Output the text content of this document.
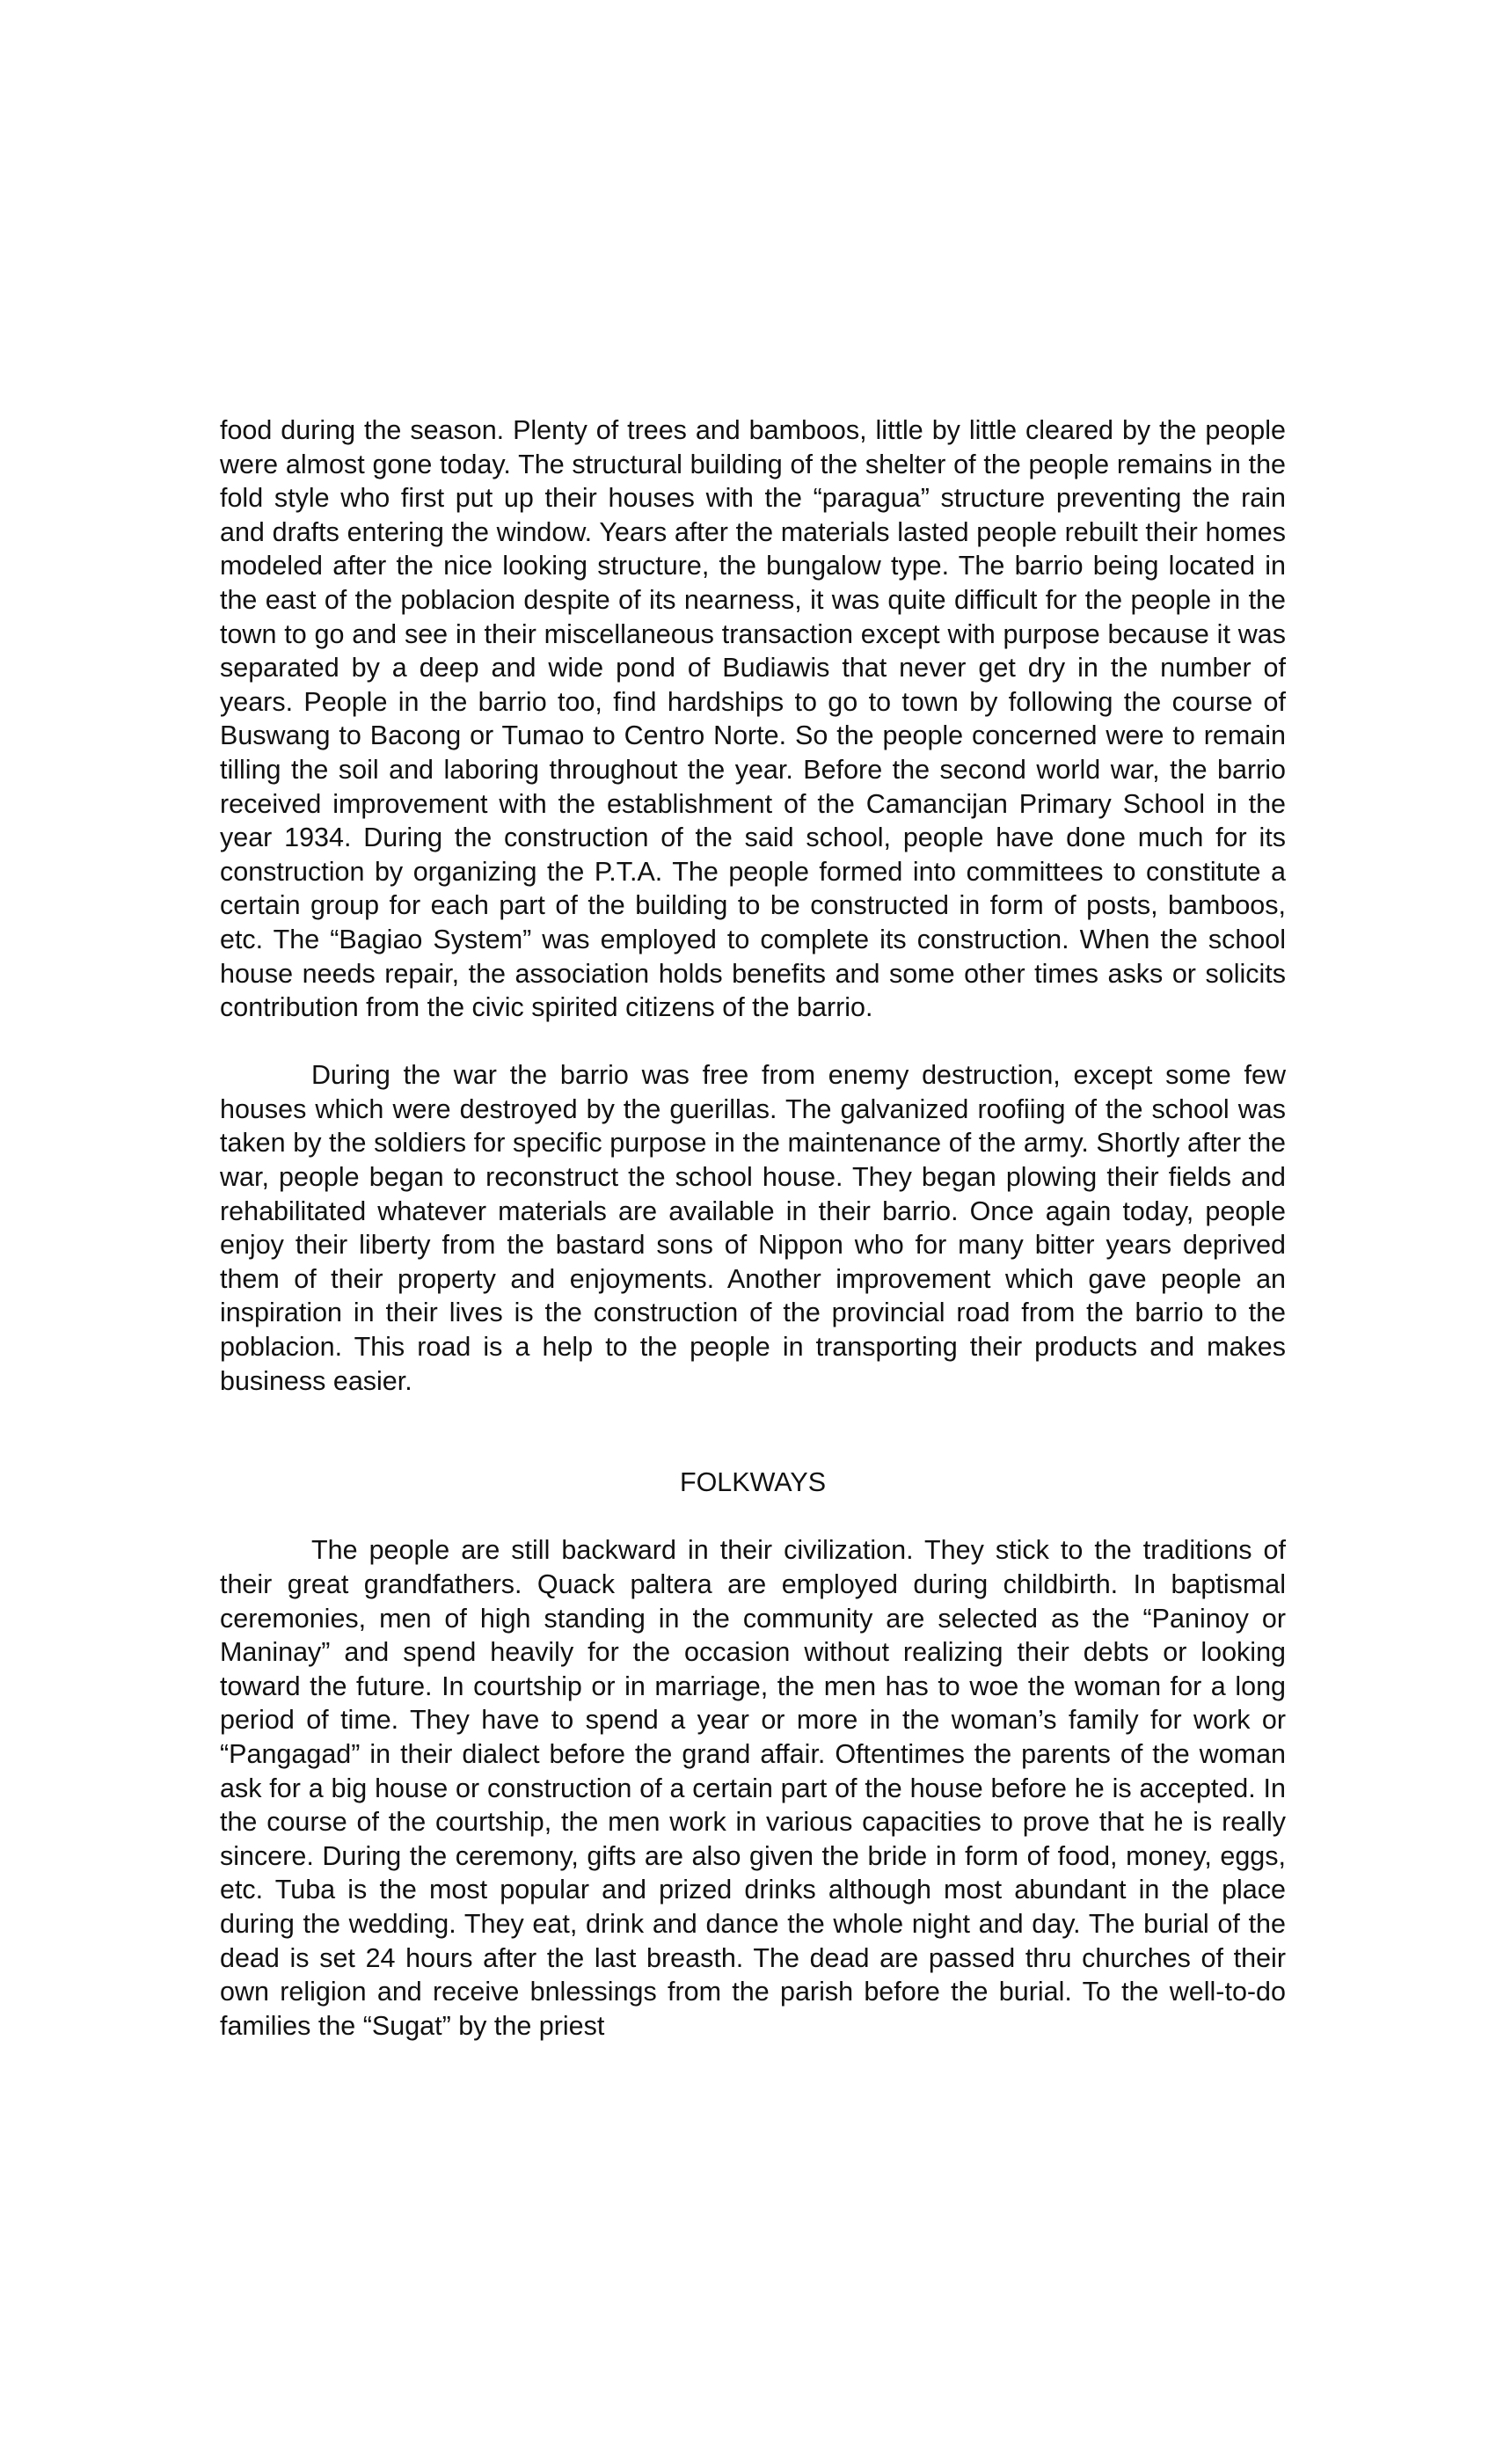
food during the season. Plenty of trees and bamboos, little by little cleared by the people were almost gone today. The structural building of the shelter of the people remains in the fold style who first put up their houses with the “paragua” structure preventing the rain and drafts entering the window. Years after the materials lasted people rebuilt their homes modeled after the nice looking structure, the bungalow type. The barrio being located in the east of the poblacion despite of its nearness, it was quite difficult for the people in the town to go and see in their miscellaneous transaction except with purpose because it was separated by a deep and wide pond of Budiawis that never get dry in the number of years. People in the barrio too, find hardships to go to town by following the course of Buswang to Bacong or Tumao to Centro Norte. So the people concerned were to remain tilling the soil and laboring throughout the year. Before the second world war, the barrio received improvement with the establishment of the Camancijan Primary School in the year 1934. During the construction of the said school, people have done much for its construction by organizing the P.T.A. The people formed into committees to constitute a certain group for each part of the building to be constructed in form of posts, bamboos, etc. The “Bagiao System” was employed to complete its construction. When the school house needs repair, the association holds benefits and some other times asks or solicits contribution from the civic spirited citizens of the barrio.

During the war the barrio was free from enemy destruction, except some few houses which were destroyed by the guerillas. The galvanized roofiing of the school was taken by the soldiers for specific purpose in the maintenance of the army. Shortly after the war, people began to reconstruct the school house. They began plowing their fields and rehabilitated whatever materials are available in their barrio. Once again today, people enjoy their liberty from the bastard sons of Nippon who for many bitter years deprived them of their property and enjoyments. Another improvement which gave people an inspiration in their lives is the construction of the provincial road from the barrio to the poblacion. This road is a help to the people in transporting their products and makes business easier.

FOLKWAYS

The people are still backward in their civilization. They stick to the traditions of their great grandfathers. Quack paltera are employed during childbirth. In baptismal ceremonies, men of high standing in the community are selected as the “Paninoy or Maninay” and spend heavily for the occasion without realizing their debts or looking toward the future. In courtship or in marriage, the men has to woe the woman for a long period of time. They have to spend a year or more in the woman’s family for work or “Pangagad” in their dialect before the grand affair. Oftentimes the parents of the woman ask for a big house or construction of a certain part of the house before he is accepted. In the course of the courtship, the men work in various capacities to prove that he is really sincere. During the ceremony, gifts are also given the bride in form of food, money, eggs, etc. Tuba is the most popular and prized drinks although most abundant in the place during the wedding. They eat, drink and dance the whole night and day. The burial of the dead is set 24 hours after the last breasth. The dead are passed thru churches of their own religion and receive bnlessings from the parish before the burial. To the well-to-do families the “Sugat” by the priest
